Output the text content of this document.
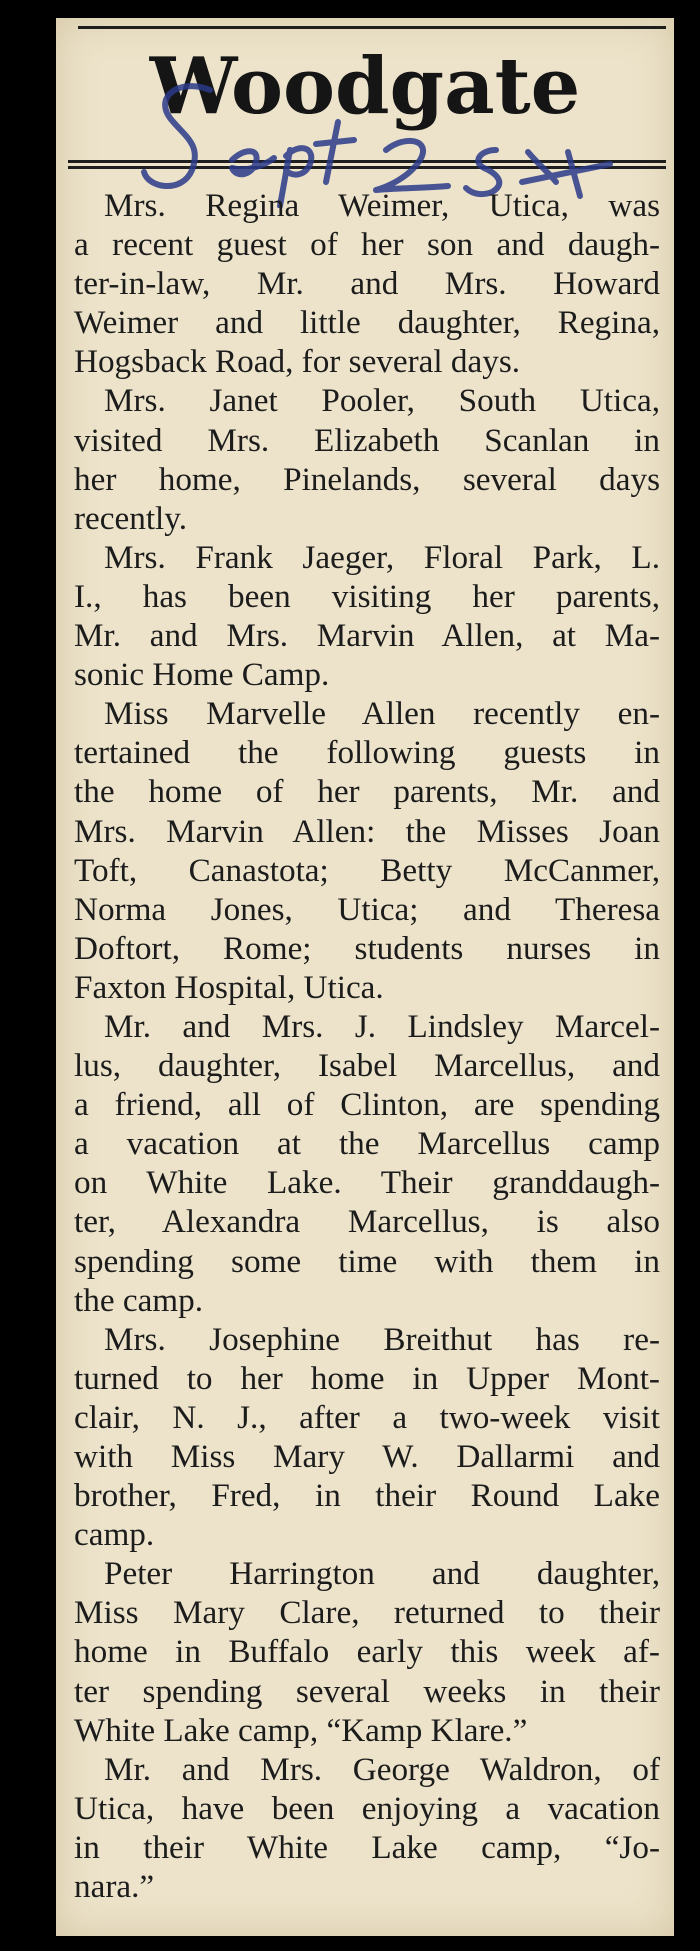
Woodgate
Mrs. Regina Weimer, Utica, was
a recent guest of her son and daugh-
ter-in-law, Mr. and Mrs. Howard
Weimer and little daughter, Regina,
Hogsback Road, for several days.
Mrs. Janet Pooler, South Utica,
visited Mrs. Elizabeth Scanlan in
her home, Pinelands, several days
recently.
Mrs. Frank Jaeger, Floral Park, L.
I., has been visiting her parents,
Mr. and Mrs. Marvin Allen, at Ma-
sonic Home Camp.
Miss Marvelle Allen recently en-
tertained the following guests in
the home of her parents, Mr. and
Mrs. Marvin Allen: the Misses Joan
Toft, Canastota; Betty McCanmer,
Norma Jones, Utica; and Theresa
Doftort, Rome; students nurses in
Faxton Hospital, Utica.
Mr. and Mrs. J. Lindsley Marcel-
lus, daughter, Isabel Marcellus, and
a friend, all of Clinton, are spending
a vacation at the Marcellus camp
on White Lake. Their granddaugh-
ter, Alexandra Marcellus, is also
spending some time with them in
the camp.
Mrs. Josephine Breithut has re-
turned to her home in Upper Mont-
clair, N. J., after a two-week visit
with Miss Mary W. Dallarmi and
brother, Fred, in their Round Lake
camp.
Peter Harrington and daughter,
Miss Mary Clare, returned to their
home in Buffalo early this week af-
ter spending several weeks in their
White Lake camp, “Kamp Klare.”
Mr. and Mrs. George Waldron, of
Utica, have been enjoying a vacation
in their White Lake camp, “Jo-
nara.”
